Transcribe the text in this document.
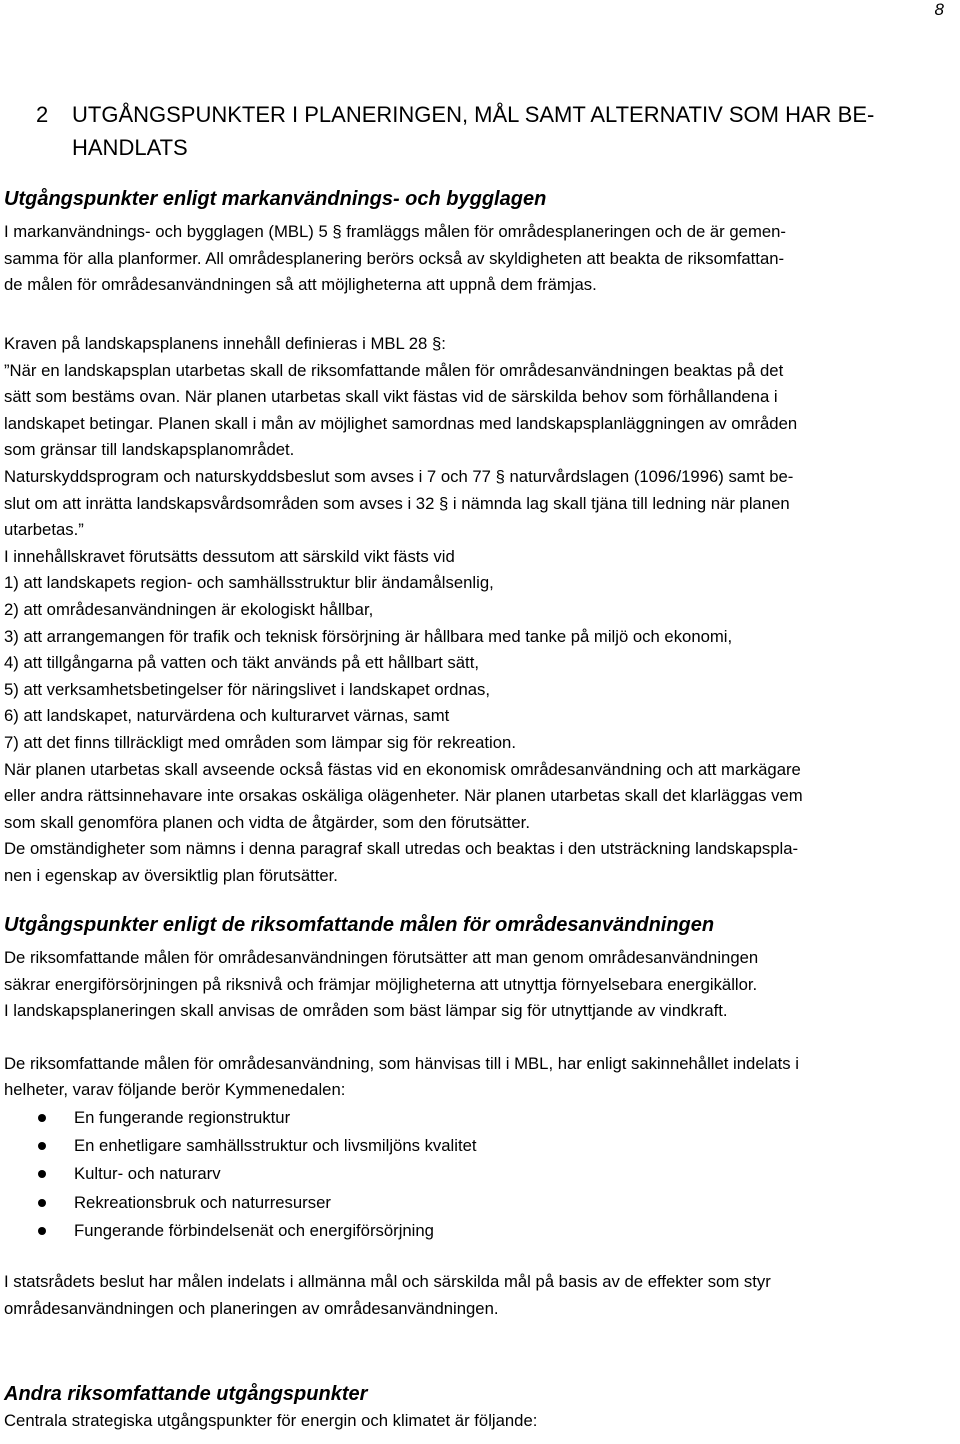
8
2 UTGÅNGSPUNKTER I PLANERINGEN, MÅL SAMT ALTERNATIV SOM HAR BE-
HANDLATS
Utgångspunkter enligt markanvändnings- och bygglagen

I markanvändnings- och bygglagen (MBL) 5 § framläggs målen för områdesplaneringen och de är gemen-

samma för alla planformer. All områdesplanering berörs också av skyldigheten att beakta de riksomfattan-

de målen för områdesanvändningen så att möjligheterna att uppnå dem främjas.

Kraven på landskapsplanens innehåll definieras i MBL 28 §:

”När en landskapsplan utarbetas skall de riksomfattande målen för områdesanvändningen beaktas på det

sätt som bestäms ovan. När planen utarbetas skall vikt fästas vid de särskilda behov som förhållandena i

landskapet betingar. Planen skall i mån av möjlighet samordnas med landskapsplanläggningen av områden

som gränsar till landskapsplanområdet.

Naturskyddsprogram och naturskyddsbeslut som avses i 7 och 77 § naturvårdslagen (1096/1996) samt be-

slut om att inrätta landskapsvårdsområden som avses i 32 § i nämnda lag skall tjäna till ledning när planen

utarbetas.”

I innehållskravet förutsätts dessutom att särskild vikt fästs vid

1) att landskapets region- och samhällsstruktur blir ändamålsenlig,

2) att områdesanvändningen är ekologiskt hållbar,

3) att arrangemangen för trafik och teknisk försörjning är hållbara med tanke på miljö och ekonomi,

4) att tillgångarna på vatten och täkt används på ett hållbart sätt,

5) att verksamhetsbetingelser för näringslivet i landskapet ordnas,

6) att landskapet, naturvärdena och kulturarvet värnas, samt

7) att det finns tillräckligt med områden som lämpar sig för rekreation.

När planen utarbetas skall avseende också fästas vid en ekonomisk områdesanvändning och att markägare

eller andra rättsinnehavare inte orsakas oskäliga olägenheter. När planen utarbetas skall det klarläggas vem

som skall genomföra planen och vidta de åtgärder, som den förutsätter.

De omständigheter som nämns i denna paragraf skall utredas och beaktas i den utsträckning landskapspla-

nen i egenskap av översiktlig plan förutsätter.

Utgångspunkter enligt de riksomfattande målen för områdesanvändningen

De riksomfattande målen för områdesanvändningen förutsätter att man genom områdesanvändningen

säkrar energiförsörjningen på riksnivå och främjar möjligheterna att utnyttja förnyelsebara energikällor.

I landskapsplaneringen skall anvisas de områden som bäst lämpar sig för utnyttjande av vindkraft.

De riksomfattande målen för områdesanvändning, som hänvisas till i MBL, har enligt sakinnehållet indelats i

helheter, varav följande berör Kymmenedalen:

En fungerande regionstruktur
En enhetligare samhällsstruktur och livsmiljöns kvalitet
Kultur- och naturarv
Rekreationsbruk och naturresurser
Fungerande förbindelsenät och energiförsörjning

I statsrådets beslut har målen indelats i allmänna mål och särskilda mål på basis av de effekter som styr

områdesanvändningen och planeringen av områdesanvändningen.

Andra riksomfattande utgångspunkter

Centrala strategiska utgångspunkter för energin och klimatet är följande:
